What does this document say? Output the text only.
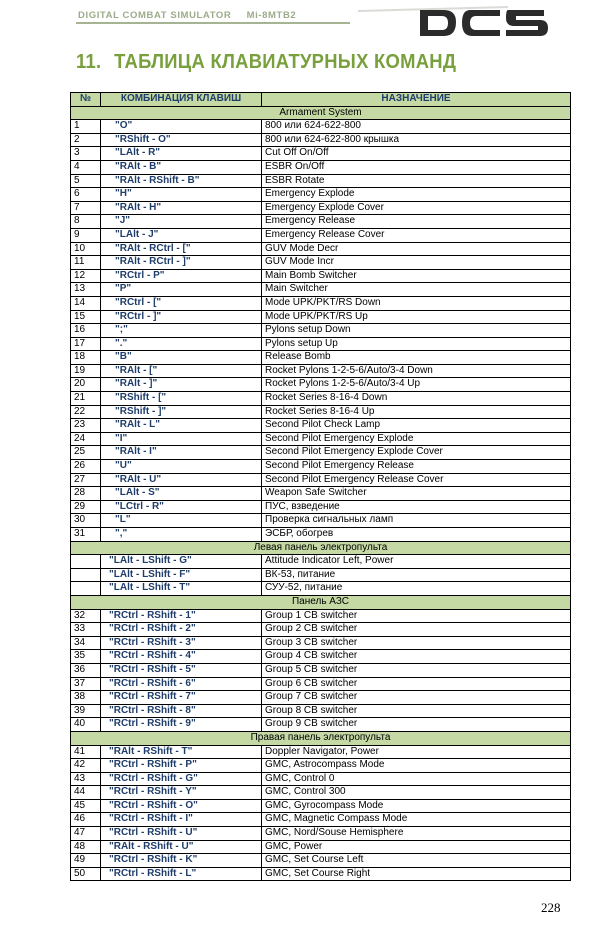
DIGITAL COMBAT SIMULATOR Mi-8MTB2
11. ТАБЛИЦА КЛАВИАТУРНЫХ КОМАНД
№	КОМБИНАЦИЯ КЛАВИШ	НАЗНАЧЕНИЕ
Armament System		
1	"O"	800 или 624-622-800
2	"RShift - O"	800 или 624-622-800 крышка
3	"LAlt - R"	Cut Off On/Off
4	"RAlt - B"	ESBR On/Off
5	"RAlt - RShift - B"	ESBR Rotate
6	"H"	Emergency Explode
7	"RAlt - H"	Emergency Explode Cover
8	"J"	Emergency Release
9	"LAlt - J"	Emergency Release Cover
10	"RAlt - RCtrl - ["	GUV Mode Decr
11	"RAlt - RCtrl - ]"	GUV Mode Incr
12	"RCtrl - P"	Main Bomb Switcher
13	"P"	Main Switcher
14	"RCtrl - ["	Mode UPK/PKT/RS Down
15	"RCtrl - ]"	Mode UPK/PKT/RS Up
16	";"	Pylons setup Down
17	"."	Pylons setup Up
18	"B"	Release Bomb
19	"RAlt - ["	Rocket Pylons 1-2-5-6/Auto/3-4 Down
20	"RAlt - ]"	Rocket Pylons 1-2-5-6/Auto/3-4 Up
21	"RShift - ["	Rocket Series 8-16-4 Down
22	"RShift - ]"	Rocket Series 8-16-4 Up
23	"RAlt - L"	Second Pilot Check Lamp
24	"I"	Second Pilot Emergency Explode
25	"RAlt - I"	Second Pilot Emergency Explode Cover
26	"U"	Second Pilot Emergency Release
27	"RAlt - U"	Second Pilot Emergency Release Cover
28	"LAlt - S"	Weapon Safe Switcher
29	"LCtrl - R"	ПУС, взведение
30	"L"	Проверка сигнальных ламп
31	","	ЭСБР, обогрев
Левая панель электропульта		
	"LAlt - LShift - G"	Attitude Indicator Left, Power
	"LAlt - LShift - F"	ВК-53, питание
	"LAlt - LShift - T"	СУУ-52, питание
Панель АЗС		
32	"RCtrl - RShift - 1"	Group 1 CB switcher
33	"RCtrl - RShift - 2"	Group 2 CB switcher
34	"RCtrl - RShift - 3"	Group 3 CB switcher
35	"RCtrl - RShift - 4"	Group 4 CB switcher
36	"RCtrl - RShift - 5"	Group 5 CB switcher
37	"RCtrl - RShift - 6"	Group 6 CB switcher
38	"RCtrl - RShift - 7"	Group 7 CB switcher
39	"RCtrl - RShift - 8"	Group 8 CB switcher
40	"RCtrl - RShift - 9"	Group 9 CB switcher
Правая панель электропульта		
41	"RAlt - RShift - T"	Doppler Navigator, Power
42	"RCtrl - RShift - P"	GMC, Astrocompass Mode
43	"RCtrl - RShift - G"	GMC, Control 0
44	"RCtrl - RShift - Y"	GMC, Control 300
45	"RCtrl - RShift - O"	GMC, Gyrocompass Mode
46	"RCtrl - RShift - I"	GMC, Magnetic Compass Mode
47	"RCtrl - RShift - U"	GMC, Nord/Souse Hemisphere
48	"RAlt - RShift - U"	GMC, Power
49	"RCtrl - RShift - K"	GMC, Set Course Left
50	"RCtrl - RShift - L"	GMC, Set Course Right
228
